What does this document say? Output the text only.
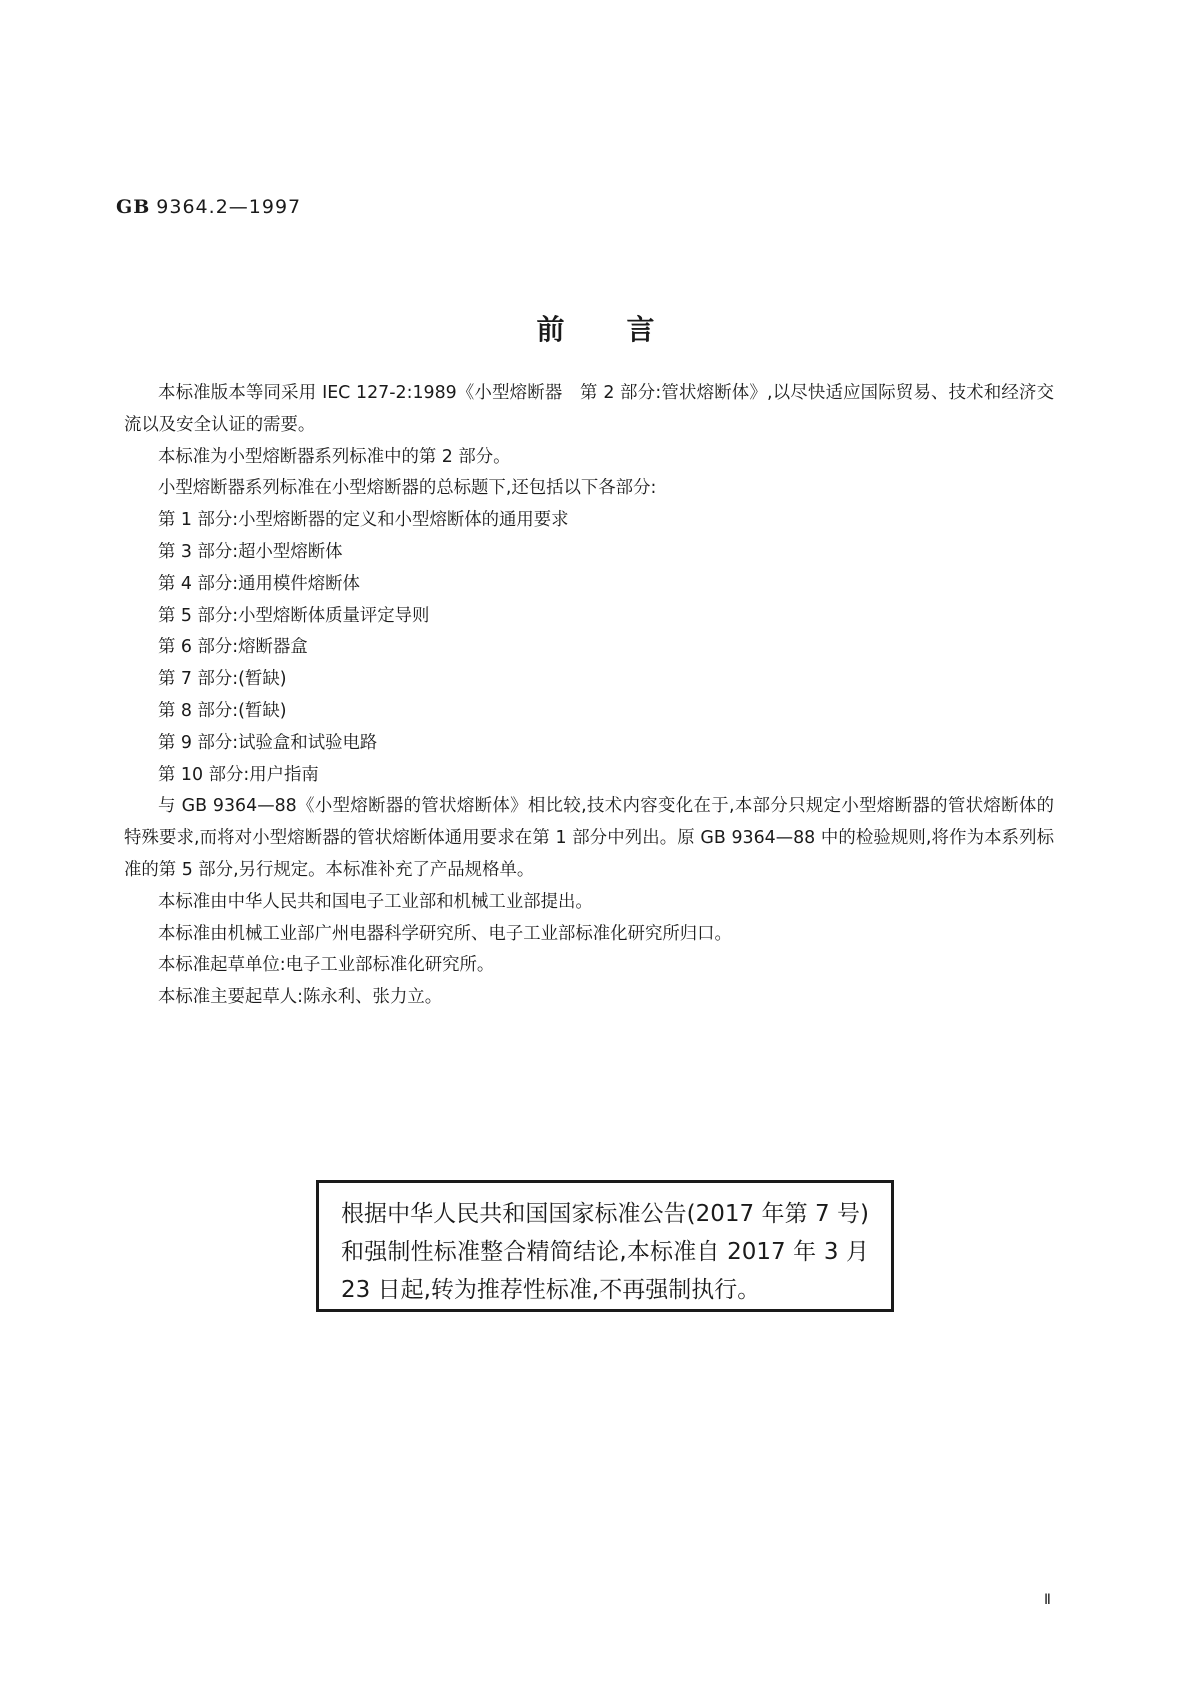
GB 9364.2—1997
前言

本标准版本等同采用 IEC 127-2:1989《小型熔断器　第 2 部分:管状熔断体》,以尽快适应国际贸易、技术和经济交流以及安全认证的需要。

本标准为小型熔断器系列标准中的第 2 部分。

小型熔断器系列标准在小型熔断器的总标题下,还包括以下各部分:

第 1 部分:小型熔断器的定义和小型熔断体的通用要求

第 3 部分:超小型熔断体

第 4 部分:通用模件熔断体

第 5 部分:小型熔断体质量评定导则

第 6 部分:熔断器盒

第 7 部分:(暂缺)

第 8 部分:(暂缺)

第 9 部分:试验盒和试验电路

第 10 部分:用户指南

与 GB 9364—88《小型熔断器的管状熔断体》相比较,技术内容变化在于,本部分只规定小型熔断器的管状熔断体的特殊要求,而将对小型熔断器的管状熔断体通用要求在第 1 部分中列出。原 GB 9364—88 中的检验规则,将作为本系列标准的第 5 部分,另行规定。本标准补充了产品规格单。

本标准由中华人民共和国电子工业部和机械工业部提出。

本标准由机械工业部广州电器科学研究所、电子工业部标准化研究所归口。

本标准起草单位:电子工业部标准化研究所。

本标准主要起草人:陈永利、张力立。

根据中华人民共和国国家标准公告(2017 年第 7 号)和强制性标准整合精简结论,本标准自 2017 年 3 月 23 日起,转为推荐性标准,不再强制执行。
Ⅱ
